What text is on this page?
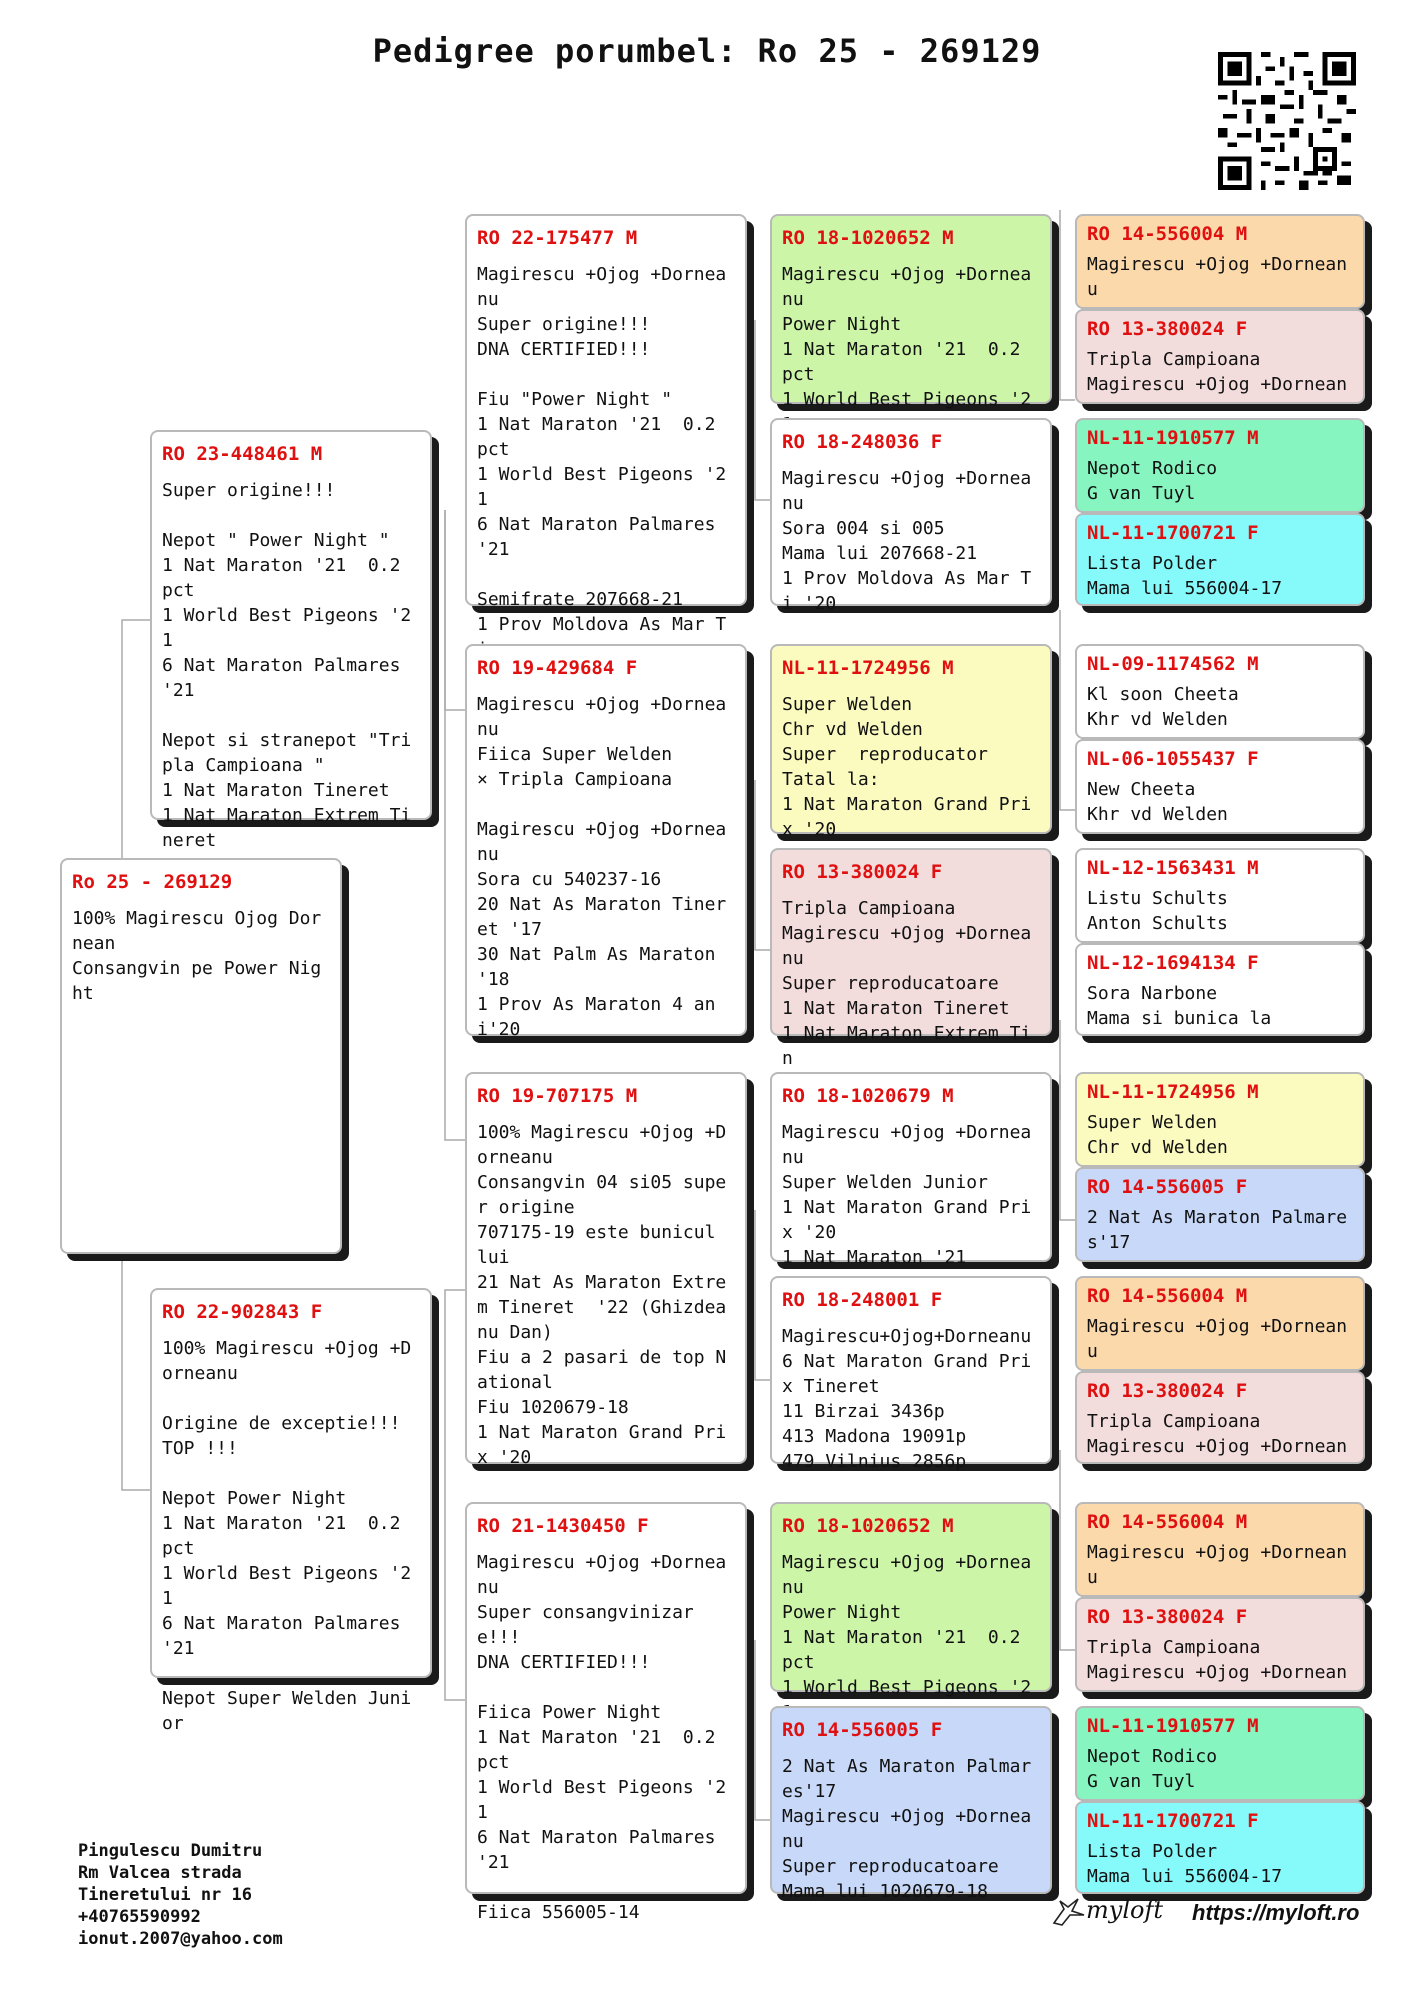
Pedigree porumbel: Ro 25 - 269129
Ro 25 - 269129
100% Magirescu Ojog Dornean
Consangvin pe Power Night
RO 23-448461 M
Super origine!!!

Nepot " Power Night "
1 Nat Maraton '21  0.2 pct
1 World Best Pigeons '21
6 Nat Maraton Palmares '21

Nepot si stranepot "Tripla Campioana "
1 Nat Maraton Tineret
1 Nat Maraton Extrem Tineret
RO 22-902843 F
100% Magirescu +Ojog +Dorneanu

Origine de exceptie!!! TOP !!!

Nepot Power Night
1 Nat Maraton '21  0.2 pct
1 World Best Pigeons '21
6 Nat Maraton Palmares '21

Nepot Super Welden Junior
RO 22-175477 M
Magirescu +Ojog +Dorneanu
Super origine!!!
DNA CERTIFIED!!!

Fiu "Power Night "
1 Nat Maraton '21  0.2 pct
1 World Best Pigeons '21
6 Nat Maraton Palmares '21

Semifrate 207668-21
1 Prov Moldova As Mar T
RO 19-429684 F
Magirescu +Ojog +Dorneanu
Fiica Super Welden
× Tripla Campioana

Magirescu +Ojog +Dorneanu
Sora cu 540237-16
20 Nat As Maraton Tineret '17
30 Nat Palm As Maraton '18
1 Prov As Maraton 4 ani'20
RO 19-707175 M
100% Magirescu +Ojog +Dorneanu
Consangvin 04 si05 super origine
707175-19 este bunicul lui
21 Nat As Maraton Extrem Tineret  '22 (Ghizdeanu Dan)
Fiu a 2 pasari de top National
Fiu 1020679-18
1 Nat Maraton Grand Prix '20
RO 21-1430450 F
Magirescu +Ojog +Dorneanu
Super consangvinizare!!!
DNA CERTIFIED!!!

Fiica Power Night
1 Nat Maraton '21  0.2 pct
1 World Best Pigeons '21
6 Nat Maraton Palmares '21

Fiica 556005-14
RO 18-1020652 M
Magirescu +Ojog +Dorneanu
Power Night
1 Nat Maraton '21  0.2 pct
1 World Best Pigeons '2
RO 18-248036 F
Magirescu +Ojog +Dorneanu
Sora 004 si 005
Mama lui 207668-21
1 Prov Moldova As Mar Ti '20
NL-11-1724956 M
Super Welden
Chr vd Welden
Super  reproducator
Tatal la:
1 Nat Maraton Grand Prix '20
RO 13-380024 F
Tripla Campioana
Magirescu +Ojog +Dorneanu
Super reproducatoare
1 Nat Maraton Tineret
1 Nat Maraton Extrem Tin
RO 18-1020679 M
Magirescu +Ojog +Dorneanu
Super Welden Junior
1 Nat Maraton Grand Prix '20
1 Nat Maraton '21
RO 18-248001 F
Magirescu+Ojog+Dorneanu
6 Nat Maraton Grand Prix Tineret
11 Birzai 3436p
413 Madona 19091p
479 Vilnius 2856p
RO 18-1020652 M
Magirescu +Ojog +Dorneanu
Power Night
1 Nat Maraton '21  0.2 pct
1 World Best Pigeons '2
RO 14-556005 F
2 Nat As Maraton Palmares'17
Magirescu +Ojog +Dorneanu
Super reproducatoare
Mama lui 1020679-18
RO 14-556004 M
Magirescu +Ojog +Dorneanu
RO 13-380024 F
Tripla Campioana
Magirescu +Ojog +Dornean
NL-11-1910577 M
Nepot Rodico
G van Tuyl
NL-11-1700721 F
Lista Polder
Mama lui 556004-17
NL-09-1174562 M
Kl soon Cheeta
Khr vd Welden
NL-06-1055437 F
New Cheeta
Khr vd Welden
NL-12-1563431 M
Listu Schults
Anton Schults
NL-12-1694134 F
Sora Narbone
Mama si bunica la
NL-11-1724956 M
Super Welden
Chr vd Welden
RO 14-556005 F
2 Nat As Maraton Palmares'17
RO 14-556004 M
Magirescu +Ojog +Dorneanu
RO 13-380024 F
Tripla Campioana
Magirescu +Ojog +Dornean
RO 14-556004 M
Magirescu +Ojog +Dorneanu
RO 13-380024 F
Tripla Campioana
Magirescu +Ojog +Dornean
NL-11-1910577 M
Nepot Rodico
G van Tuyl
NL-11-1700721 F
Lista Polder
Mama lui 556004-17
Pingulescu Dumitru
Rm Valcea strada
Tineretului nr 16
+40765590992
ionut.2007@yahoo.com
myloft https://myloft.ro
